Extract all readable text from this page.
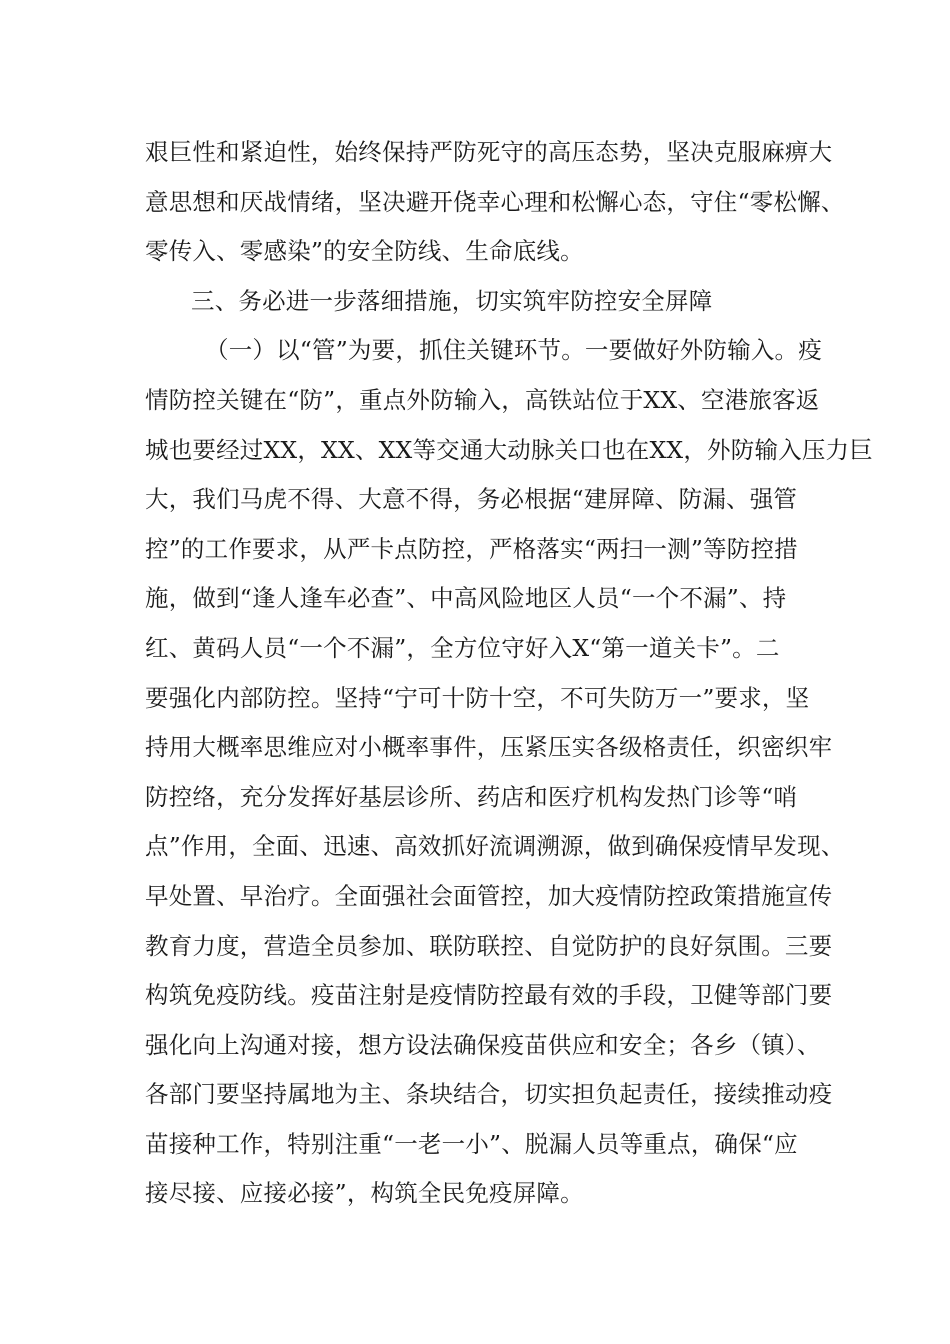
艰巨性和紧迫性，始终保持严防死守的高压态势，坚决克服麻痹大
意思想和厌战情绪，坚决避开侥幸心理和松懈心态，守住“零松懈、
零传入、零感染”的安全防线、生命底线。
三、务必进一步落细措施，切实筑牢防控安全屏障
（一）以“管”为要，抓住关键环节。一要做好外防输入。疫
情防控关键在“防”，重点外防输入，高铁站位于XX、空港旅客返
城也要经过XX，XX、XX等交通大动脉关口也在XX，外防输入压力巨
大，我们马虎不得、大意不得，务必根据“建屏障、防漏、强管
控”的工作要求，从严卡点防控，严格落实“两扫一测”等防控措
施，做到“逢人逢车必查”、中高风险地区人员“一个不漏”、持
红、黄码人员“一个不漏”，全方位守好入X“第一道关卡”。二
要强化内部防控。坚持“宁可十防十空，不可失防万一”要求，坚
持用大概率思维应对小概率事件，压紧压实各级格责任，织密织牢
防控络，充分发挥好基层诊所、药店和医疗机构发热门诊等“哨
点”作用，全面、迅速、高效抓好流调溯源，做到确保疫情早发现、
早处置、早治疗。全面强社会面管控，加大疫情防控政策措施宣传
教育力度，营造全员参加、联防联控、自觉防护的良好氛围。三要
构筑免疫防线。疫苗注射是疫情防控最有效的手段，卫健等部门要
强化向上沟通对接，想方设法确保疫苗供应和安全；各乡（镇）、
各部门要坚持属地为主、条块结合，切实担负起责任，接续推动疫
苗接种工作，特别注重“一老一小”、脱漏人员等重点，确保“应
接尽接、应接必接”，构筑全民免疫屏障。
